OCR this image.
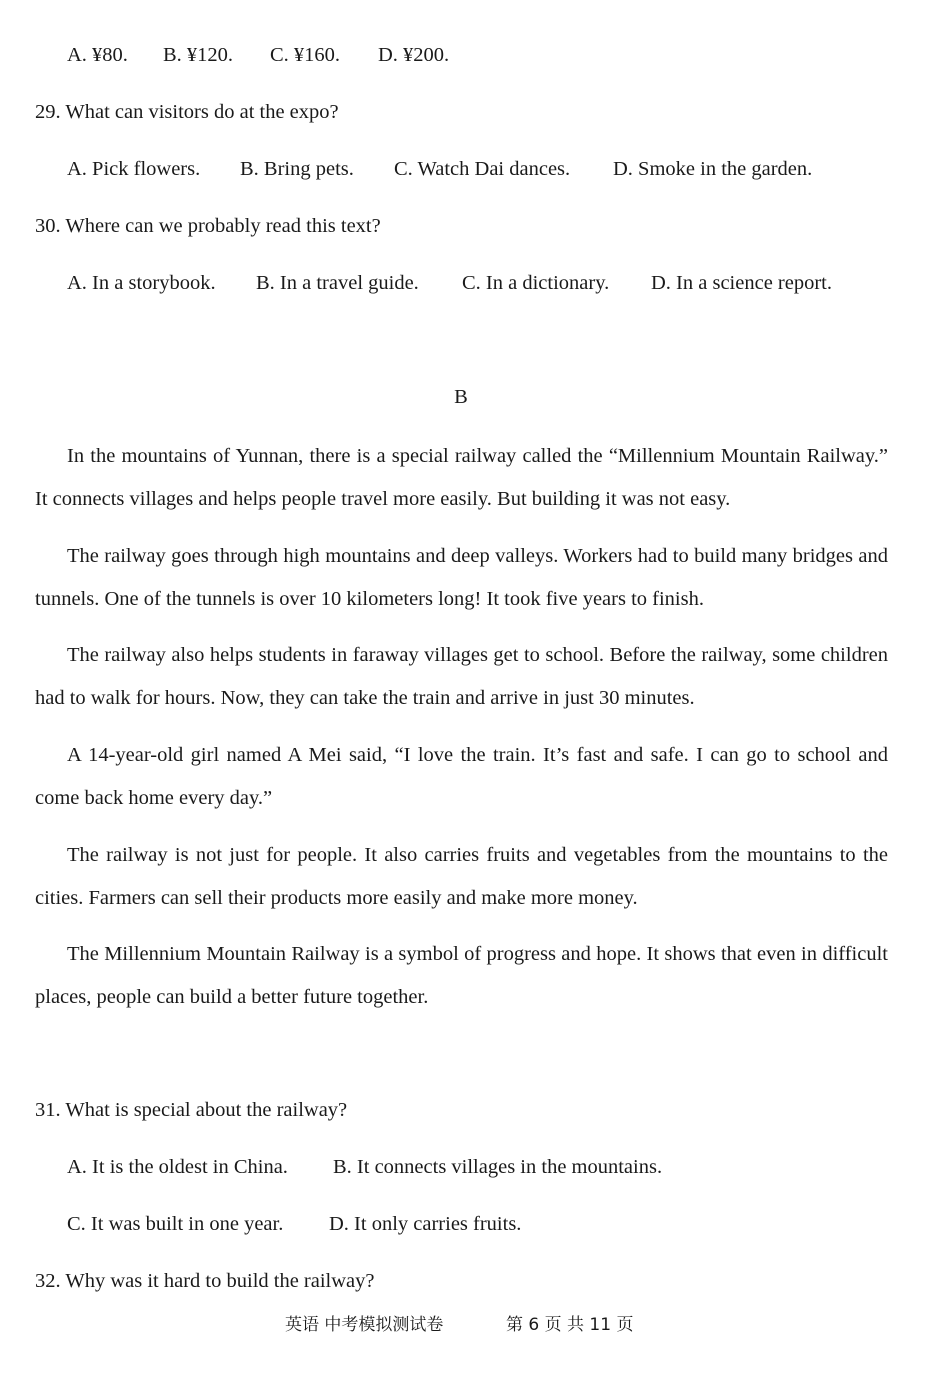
A. ¥80. B. ¥120. C. ¥160. D. ¥200.
29. What can visitors do at the expo?
A. Pick flowers. B. Bring pets. C. Watch Dai dances. D. Smoke in the garden.
30. Where can we probably read this text?
A. In a storybook. B. In a travel guide. C. In a dictionary. D. In a science report.
B

In the mountains of Yunnan, there is a special railway called the “Millennium Mountain Railway.” It connects villages and helps people travel more easily. But building it was not easy.

The railway goes through high mountains and deep valleys. Workers had to build many bridges and tunnels. One of the tunnels is over 10 kilometers long! It took five years to finish.

The railway also helps students in faraway villages get to school. Before the railway, some children had to walk for hours. Now, they can take the train and arrive in just 30 minutes.

A 14-year-old girl named A Mei said, “I love the train. It’s fast and safe. I can go to school and come back home every day.”

The railway is not just for people. It also carries fruits and vegetables from the mountains to the cities. Farmers can sell their products more easily and make more money.

The Millennium Mountain Railway is a symbol of progress and hope. It shows that even in difficult places, people can build a better future together.

31. What is special about the railway?
A. It is the oldest in China. B. It connects villages in the mountains.
C. It was built in one year. D. It only carries fruits.
32. Why was it hard to build the railway?
英语 中考模拟测试卷	第 6 页 共 11 页
